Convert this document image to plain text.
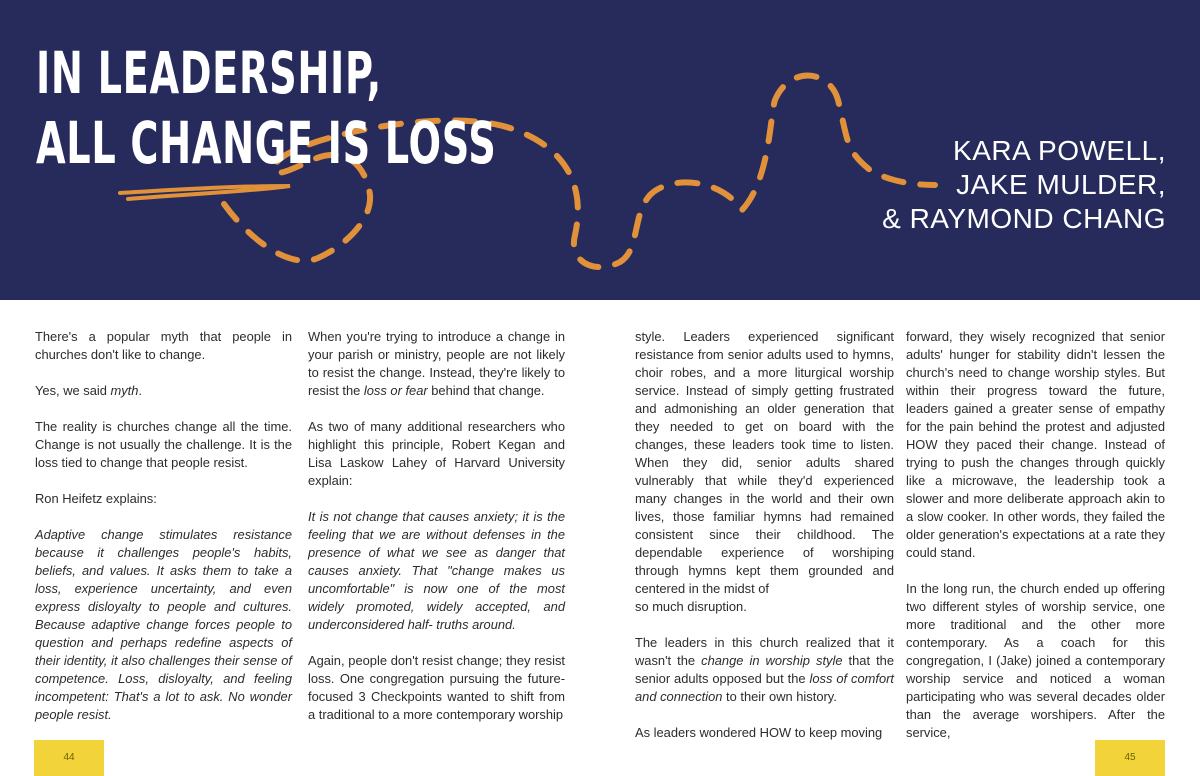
IN LEADERSHIP,
ALL CHANGE IS LOSS	KARA POWELL,
JAKE MULDER,
& RAYMOND CHANG

There's a popular myth that people in churches don't like to change.

Yes, we said myth.

The reality is churches change all the time. Change is not usually the challenge. It is the loss tied to change that people resist.

Ron Heifetz explains:

Adaptive change stimulates resistance because it challenges people's habits, beliefs, and values. It asks them to take a loss, experience uncertainty, and even express disloyalty to people and cultures. Because adaptive change forces people to question and perhaps redefine aspects of their identity, it also challenges their sense of competence. Loss, disloyalty, and feeling incompetent: That's a lot to ask. No wonder people resist.

When you're trying to introduce a change in your parish or ministry, people are not likely to resist the change. Instead, they're likely to resist the loss or fear behind that change.

As two of many additional researchers who highlight this principle, Robert Kegan and Lisa Laskow Lahey of Harvard University explain:

It is not change that causes anxiety; it is the feeling that we are without defenses in the presence of what we see as danger that causes anxiety. That "change makes us uncomfortable" is now one of the most widely promoted, widely accepted, and underconsidered half- truths around.

Again, people don't resist change; they resist loss. One congregation pursuing the future-focused 3 Checkpoints wanted to shift from a traditional to a more contemporary worship

style. Leaders experienced significant resistance from senior adults used to hymns, choir robes, and a more liturgical worship service. Instead of simply getting frustrated and admonishing an older generation that they needed to get on board with the changes, these leaders took time to listen. When they did, senior adults shared vulnerably that while they'd experienced many changes in the world and their own lives, those familiar hymns had remained consistent since their childhood. The dependable experience of worshiping through hymns kept them grounded and centered in the midst of

so much disruption.

The leaders in this church realized that it wasn't the change in worship style that the senior adults opposed but the loss of comfort and connection to their own history.

As leaders wondered HOW to keep moving

forward, they wisely recognized that senior adults' hunger for stability didn't lessen the church's need to change worship styles. But within their progress toward the future, leaders gained a greater sense of empathy for the pain behind the protest and adjusted HOW they paced their change. Instead of trying to push the changes through quickly like a microwave, the leadership took a slower and more deliberate approach akin to a slow cooker. In other words, they failed the older generation's expectations at a rate they could stand.

In the long run, the church ended up offering two different styles of worship service, one more traditional and the other more contemporary. As a coach for this congregation, I (Jake) joined a contemporary worship service and noticed a woman participating who was several decades older than the average worshipers. After the service,

44	45
